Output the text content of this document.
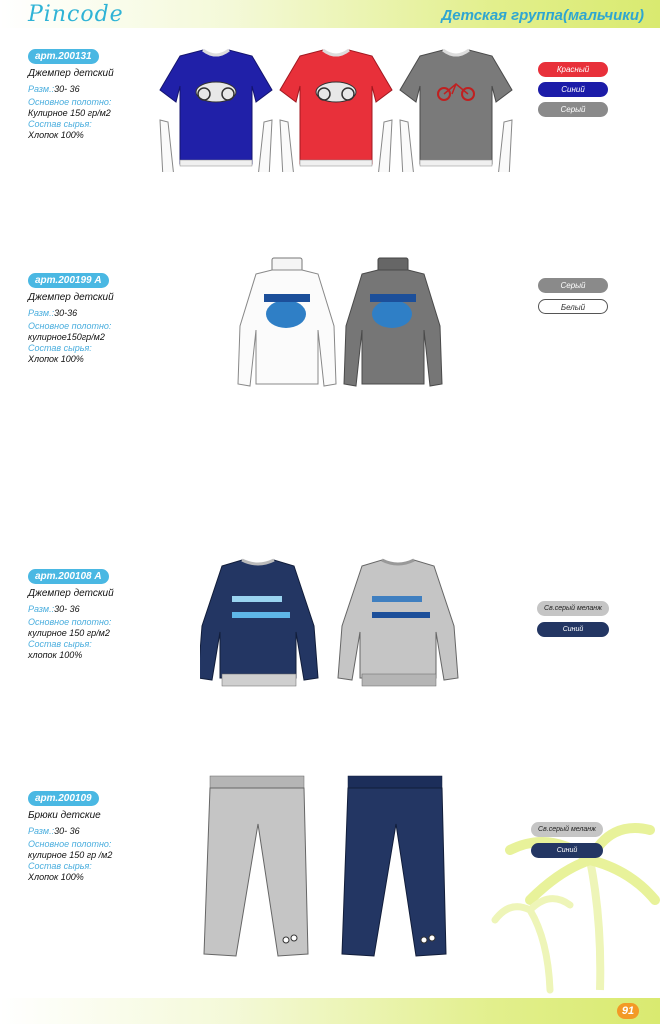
Pincode	Детская группа(мальчики)
арт.200131
Джемпер детский
Разм.:30- 36
Основное полотно:
Кулирное 150 гр/м2
Состав сырья:
Хлопок 100%
Красный
Синий
Серый
арт.200199 А
Джемпер детский
Разм.:30-36
Основное полотно:
кулирное150гр/м2
Состав сырья:
Хлопок 100%
Серый
Белый
арт.200108 А
Джемпер детский
Разм.:30- 36
Основное полотно:
кулирное 150 гр/м2
Состав сырья:
хлопок 100%
Св.серый меланж
Синий
арт.200109
Брюки детские
Разм.:30- 36
Основное полотно:
кулирное 150 гр /м2
Состав сырья:
Хлопок 100%
Св.серый меланж
Синий
91
